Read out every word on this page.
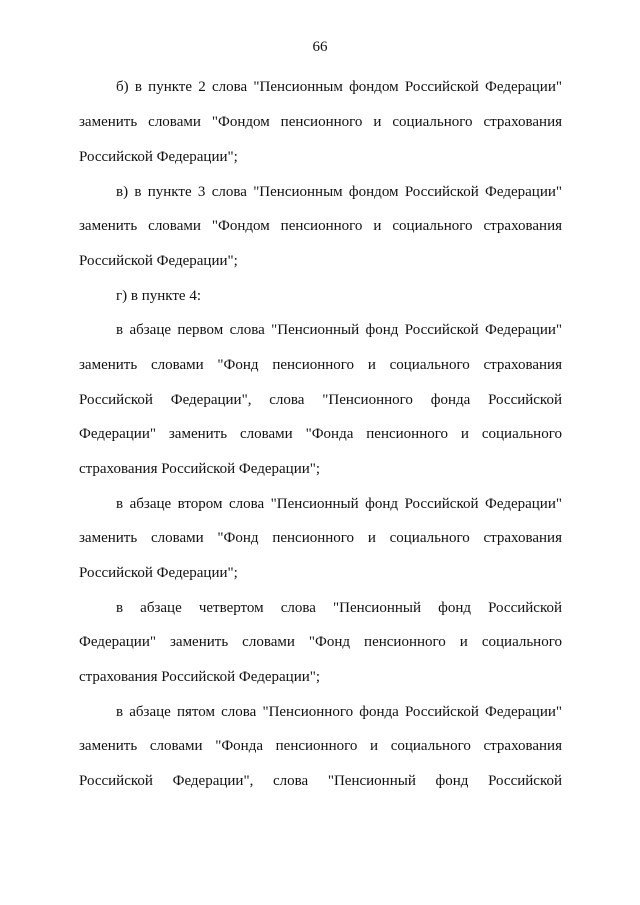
66
б) в пункте 2 слова "Пенсионным фондом Российской Федерации"
заменить словами "Фондом пенсионного и социального страхования
Российской Федерации";
в) в пункте 3 слова "Пенсионным фондом Российской Федерации"
заменить словами "Фондом пенсионного и социального страхования
Российской Федерации";
г) в пункте 4:
в абзаце первом слова "Пенсионный фонд Российской Федерации"
заменить словами "Фонд пенсионного и социального страхования
Российской Федерации", слова "Пенсионного фонда Российской
Федерации" заменить словами "Фонда пенсионного и социального
страхования Российской Федерации";
в абзаце втором слова "Пенсионный фонд Российской Федерации"
заменить словами "Фонд пенсионного и социального страхования
Российской Федерации";
в абзаце четвертом слова "Пенсионный фонд Российской
Федерации" заменить словами "Фонд пенсионного и социального
страхования Российской Федерации";
в абзаце пятом слова "Пенсионного фонда Российской Федерации"
заменить словами "Фонда пенсионного и социального страхования
Российской Федерации", слова "Пенсионный фонд Российской
